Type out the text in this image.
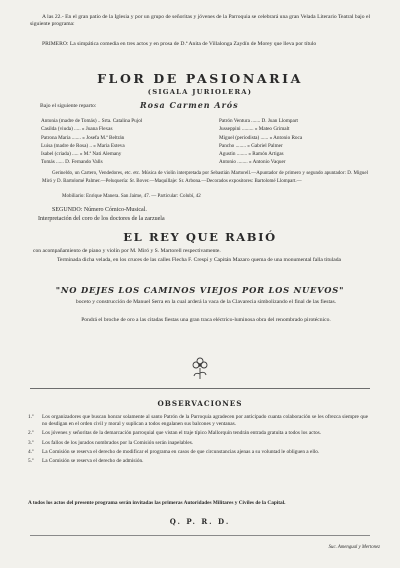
A las 22.- En el gran patio de la Iglesia y por un grupo de señoritas y jóvenes de la Parroquia se celebrará una gran Velada Literario Teatral bajo el siguiente programa:
PRIMERO: La simpática comedia en tres actos y en prosa de D.ª Anita de Villalonga Zaydín de Morey que lleva por título
FLOR DE PASIONARIA
(SIGALA JURIOLERA)
Bajo el siguiente reparto:	Rosa Carmen Arós
Antonia (madre de Tomás) .. Srta. Catalina Pujol
Casilda (viuda) ..... » Juana Flexas
Patrona Maria ....... » Josefa M.ª Beltrán
Luisa (madre de Rosa) .. » Maria Esteva
Isabel (criada) ..... » M.ª Nati Alemany
Tomás ...... D. Fernando Valls
Patrón Ventura ....... D. Juan Llompart
Jusseppini ......... » Mateo Grimalt
Miguel (periodista) ...... » Antonio Roca
Pancho ........ » Gabriel Palmer
Agustin ........ » Ramón Artigas
Antonio ........ » Antonio Vaquer
Gerineldo, un Cartero, Vendedores, etc. etc. Música de violín interpretada por Sebastián Martorell.—Apuntador de primero y segundo apuntador: D. Miguel Miró y D. Bartolomé Palmer.—Peluquería: Sr. Bover.—Maquillaje: Sr. Arbona.—Decorados expositores: Bartolomé Llompart.—
Mobiliario: Enrique Manera. San Jaime, 47. — Particular: Colubí, 42
SEGUNDO: Número Cómico-Musical.
Interpretación del coro de los doctores de la zarzuela
EL REY QUE RABIÓ
con acompañamiento de piano y violín por M. Miró y S. Martorell respectivamente.
Terminada dicha velada, en los cruces de las calles Flecha F. Crespí y Capitán Mazaro quema de una monumental falla titulada
"NO DEJES LOS CAMINOS VIEJOS POR LOS NUEVOS"
boceto y construcción de Manuel Serra en la cual arderá la vaca de la Clavarecia simbolizando el final de las fiestas.
Pondrá el broche de oro a las citadas fiestas una gran traca eléctrico-luminosa obra del renombrado pirotécnico.
OBSERVACIONES
1.º Los organizadores que buscan honrar solamente al santo Patrón de la Parroquia agradecen por anticipado cuanta colaboración se les ofrezca siempre que no desdigan en el orden civil y moral y suplican a todos engalanen sus balcones y ventanas.
2.º Los jóvenes y señoritas de la demarcación parroquial que vistan el traje típico Mallorquín tendrán entrada gratuita a todos los actos.
3.º Los fallos de los jurados nombrados por la Comisión serán inapelables.
4.º La Comisión se reserva el derecho de modificar el programa en casos de que circunstancias ajenas a su voluntad le obliguen a ello.
5.º La Comisión se reserva el derecho de admisión.
A todos los actos del presente programa serán invitadas las primeras Autoridades Militares y Civiles de la Capital.
Q. P. R. D.
Suc. Amengual y Mertonez
